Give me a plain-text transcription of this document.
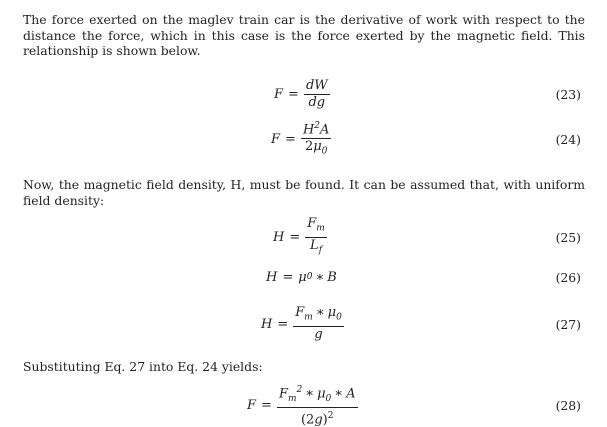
The force exerted on the maglev train car is the derivative of work with respect to the distance the force, which in this case is the force exerted by the magnetic field. This relationship is shown below.
$F = \frac{dW}{dg}$	(23)
$F = \frac{H^2A}{2\mu_0}$	(24)
Now, the magnetic field density, H, must be found. It can be assumed that, with uniform field density:
$H = \frac{F_m}{L_f}$	(25)
H = μ 0 ∗ B	(26)
$H = \frac{F_m ∗ \mu_0}{g}$	(27)
Substituting Eq. 27 into Eq. 24 yields:
$F = \frac{F_m^2 ∗ \mu_0 ∗ A}{(2g)^2}$	(28)
